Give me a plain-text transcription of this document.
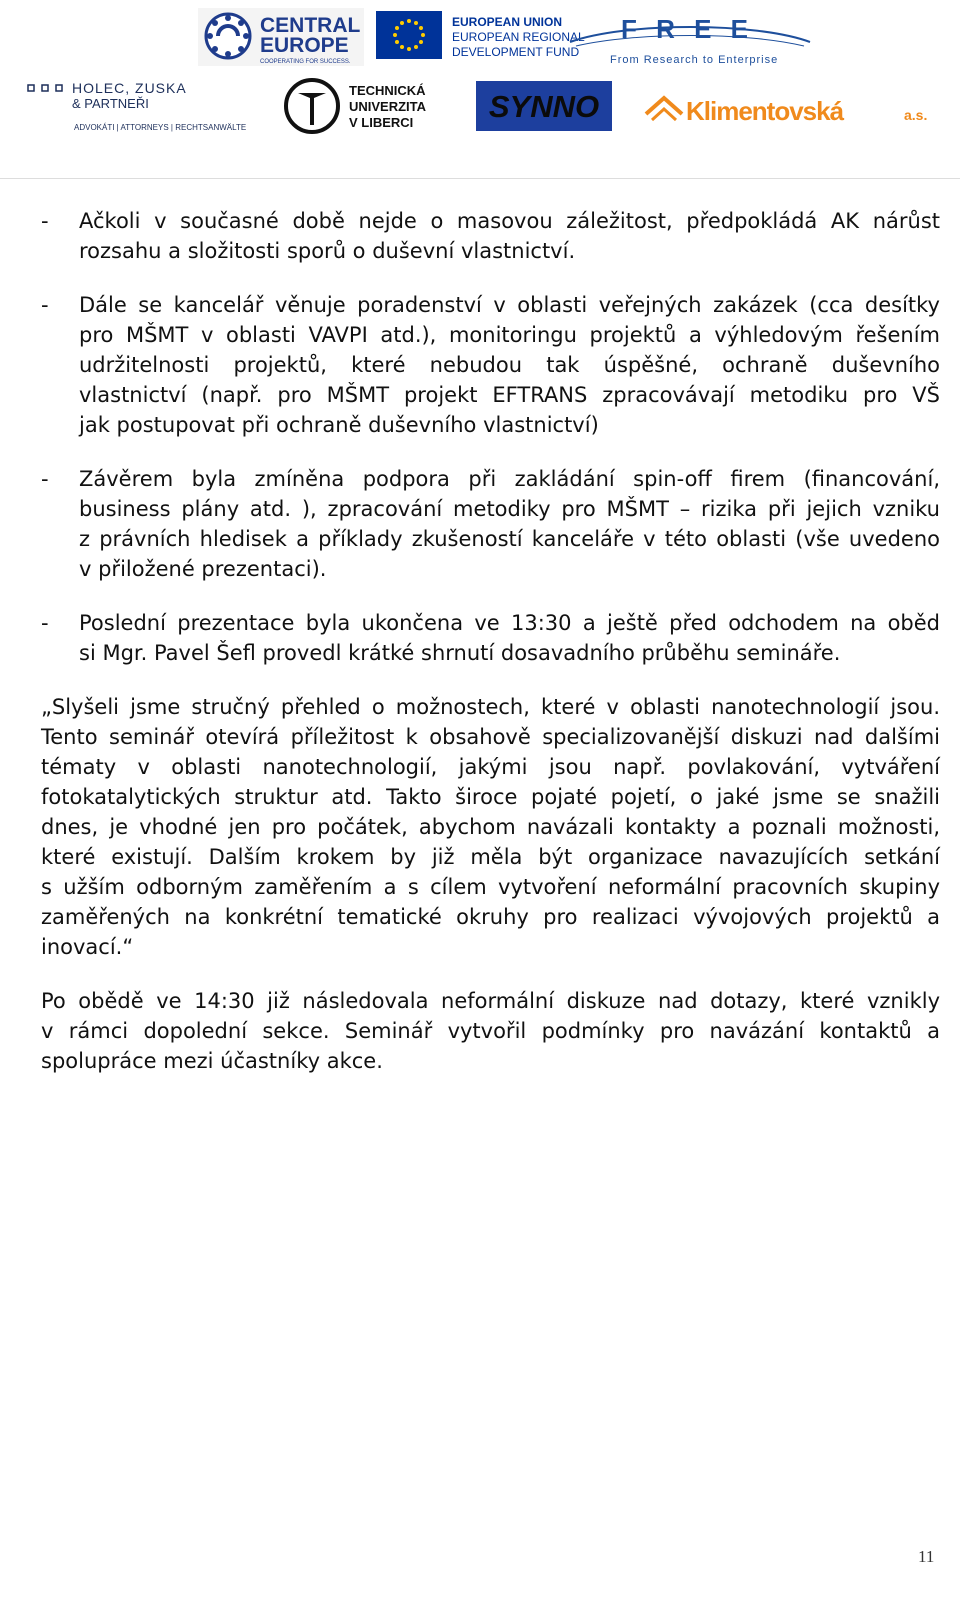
CENTRAL
EUROPE
COOPERATING FOR SUCCESS.
EUROPEAN UNION
EUROPEAN REGIONAL
DEVELOPMENT FUND
F R E E
From Research to Enterprise
HOLEC, ZUSKA
& PARTNEŘI
ADVOKÁTI | ATTORNEYS | RECHTSANWÄLTE
TECHNICKÁ
UNIVERZITA
V LIBERCI SYNNO	Klimentovská	a.s.
- Ačkoli v současné době nejde o masovou záležitost, předpokládá AK nárůst
rozsahu a složitosti sporů o duševní vlastnictví.
- Dále se kancelář věnuje poradenství v oblasti veřejných zakázek (cca desítky
pro MŠMT v oblasti VAVPI atd.), monitoringu projektů a výhledovým řešením
udržitelnosti projektů, které nebudou tak úspěšné, ochraně duševního
vlastnictví (např. pro MŠMT projekt EFTRANS zpracovávají metodiku pro VŠ
jak postupovat při ochraně duševního vlastnictví)
- Závěrem byla zmíněna podpora při zakládání spin-off firem (financování,
business plány atd. ), zpracování metodiky pro MŠMT – rizika při jejich vzniku
z právních hledisek a příklady zkušeností kanceláře v této oblasti (vše uvedeno
v přiložené prezentaci).
- Poslední prezentace byla ukončena ve 13:30 a ještě před odchodem na oběd
si Mgr. Pavel Šefl provedl krátké shrnutí dosavadního průběhu semináře.
„Slyšeli jsme stručný přehled o možnostech, které v oblasti nanotechnologií jsou.
Tento seminář otevírá příležitost k obsahově specializovanější diskuzi nad dalšími
tématy v oblasti nanotechnologií, jakými jsou např. povlakování, vytváření
fotokatalytických struktur atd. Takto široce pojaté pojetí, o jaké jsme se snažili
dnes, je vhodné jen pro počátek, abychom navázali kontakty a poznali možnosti,
které existují. Dalším krokem by již měla být organizace navazujících setkání
s užším odborným zaměřením a s cílem vytvoření neformální pracovních skupiny
zaměřených na konkrétní tematické okruhy pro realizaci vývojových projektů a
inovací.“
Po obědě ve 14:30 již následovala neformální diskuze nad dotazy, které vznikly
v rámci dopolední sekce. Seminář vytvořil podmínky pro navázání kontaktů a
spolupráce mezi účastníky akce.
11
